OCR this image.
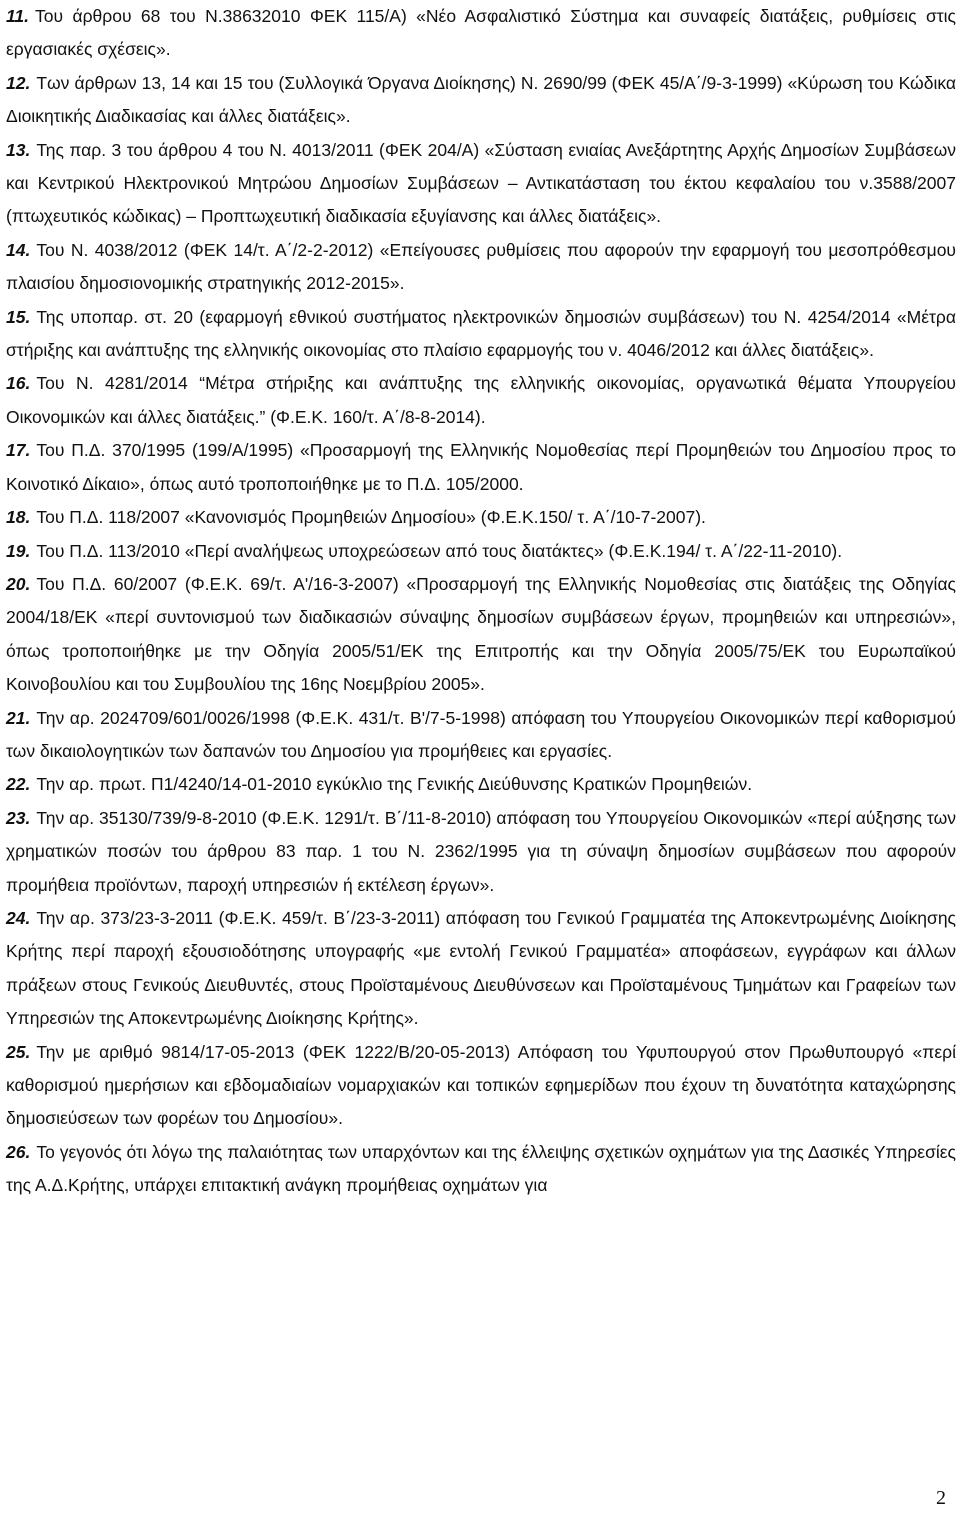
11. Του άρθρου 68 του Ν.38632010 ΦΕΚ 115/Α) «Νέο Ασφαλιστικό Σύστημα και συναφείς διατάξεις, ρυθμίσεις στις εργασιακές σχέσεις».

12. Των άρθρων 13, 14 και 15 του (Συλλογικά Όργανα Διοίκησης) Ν. 2690/99 (ΦΕΚ 45/Α΄/9-3-1999) «Κύρωση του Κώδικα Διοικητικής Διαδικασίας και άλλες διατάξεις».

13. Της παρ. 3 του άρθρου 4 του Ν. 4013/2011 (ΦΕΚ 204/Α) «Σύσταση ενιαίας Ανεξάρτητης Αρχής Δημοσίων Συμβάσεων και Κεντρικού Ηλεκτρονικού Μητρώου Δημοσίων Συμβάσεων – Αντικατάσταση του έκτου κεφαλαίου του ν.3588/2007 (πτωχευτικός κώδικας) – Προπτωχευτική διαδικασία εξυγίανσης και άλλες διατάξεις».

14. Του Ν. 4038/2012 (ΦΕΚ 14/τ. Α΄/2-2-2012) «Επείγουσες ρυθμίσεις που αφορούν την εφαρμογή του μεσοπρόθεσμου πλαισίου δημοσιονομικής στρατηγικής 2012-2015».

15. Της υποπαρ. στ. 20 (εφαρμογή εθνικού συστήματος ηλεκτρονικών δημοσιών συμβάσεων) του Ν. 4254/2014 «Μέτρα στήριξης και ανάπτυξης της ελληνικής οικονομίας στο πλαίσιο εφαρμογής του ν. 4046/2012 και άλλες διατάξεις».

16. Του Ν. 4281/2014 “Μέτρα στήριξης και ανάπτυξης της ελληνικής οικονομίας, οργανωτικά θέματα Υπουργείου Οικονομικών και άλλες διατάξεις.” (Φ.Ε.Κ. 160/τ. Α΄/8-8-2014).

17. Του Π.Δ. 370/1995 (199/Α/1995) «Προσαρμογή της Ελληνικής Νομοθεσίας περί Προμηθειών του Δημοσίου προς το Κοινοτικό Δίκαιο», όπως αυτό τροποποιήθηκε με το Π.Δ. 105/2000.

18. Του Π.Δ. 118/2007 «Κανονισμός Προμηθειών Δημοσίου» (Φ.Ε.Κ.150/ τ. Α΄/10-7-2007).

19. Του Π.Δ. 113/2010 «Περί αναλήψεως υποχρεώσεων από τους διατάκτες» (Φ.Ε.Κ.194/ τ. Α΄/22-11-2010).

20. Του Π.Δ. 60/2007 (Φ.Ε.Κ. 69/τ. Α'/16-3-2007) «Προσαρμογή της Ελληνικής Νομοθεσίας στις διατάξεις της Οδηγίας 2004/18/ΕΚ «περί συντονισμού των διαδικασιών σύναψης δημοσίων συμβάσεων έργων, προμηθειών και υπηρεσιών», όπως τροποποιήθηκε με την Οδηγία 2005/51/ΕΚ της Επιτροπής και την Οδηγία 2005/75/ΕΚ του Ευρωπαϊκού Κοινοβουλίου και του Συμβουλίου της 16ης Νοεμβρίου 2005».

21. Την αρ. 2024709/601/0026/1998 (Φ.Ε.Κ. 431/τ. Β'/7-5-1998) απόφαση του Υπουργείου Οικονομικών περί καθορισμού των δικαιολογητικών των δαπανών του Δημοσίου για προμήθειες και εργασίες.

22. Την αρ. πρωτ. Π1/4240/14-01-2010 εγκύκλιο της Γενικής Διεύθυνσης Κρατικών Προμηθειών.

23. Την αρ. 35130/739/9-8-2010 (Φ.Ε.Κ. 1291/τ. Β΄/11-8-2010) απόφαση του Υπουργείου Οικονομικών «περί αύξησης των χρηματικών ποσών του άρθρου 83 παρ. 1 του Ν. 2362/1995 για τη σύναψη δημοσίων συμβάσεων που αφορούν προμήθεια προϊόντων, παροχή υπηρεσιών ή εκτέλεση έργων».

24. Την αρ. 373/23-3-2011 (Φ.Ε.Κ. 459/τ. Β΄/23-3-2011) απόφαση του Γενικού Γραμματέα της Αποκεντρωμένης Διοίκησης Κρήτης περί παροχή εξουσιοδότησης υπογραφής «με εντολή Γενικού Γραμματέα» αποφάσεων, εγγράφων και άλλων πράξεων στους Γενικούς Διευθυντές, στους Προϊσταμένους Διευθύνσεων και Προϊσταμένους Τμημάτων και Γραφείων των Υπηρεσιών της Αποκεντρωμένης Διοίκησης Κρήτης».

25. Την με αριθμό 9814/17-05-2013 (ΦΕΚ 1222/Β/20-05-2013) Απόφαση του Υφυπουργού στον Πρωθυπουργό «περί καθορισμού ημερήσιων και εβδομαδιαίων νομαρχιακών και τοπικών εφημερίδων που έχουν τη δυνατότητα καταχώρησης δημοσιεύσεων των φορέων του Δημοσίου».

26. Το γεγονός ότι λόγω της παλαιότητας των υπαρχόντων και της έλλειψης σχετικών οχημάτων για της Δασικές Υπηρεσίες της Α.Δ.Κρήτης, υπάρχει επιτακτική ανάγκη προμήθειας οχημάτων για

2
